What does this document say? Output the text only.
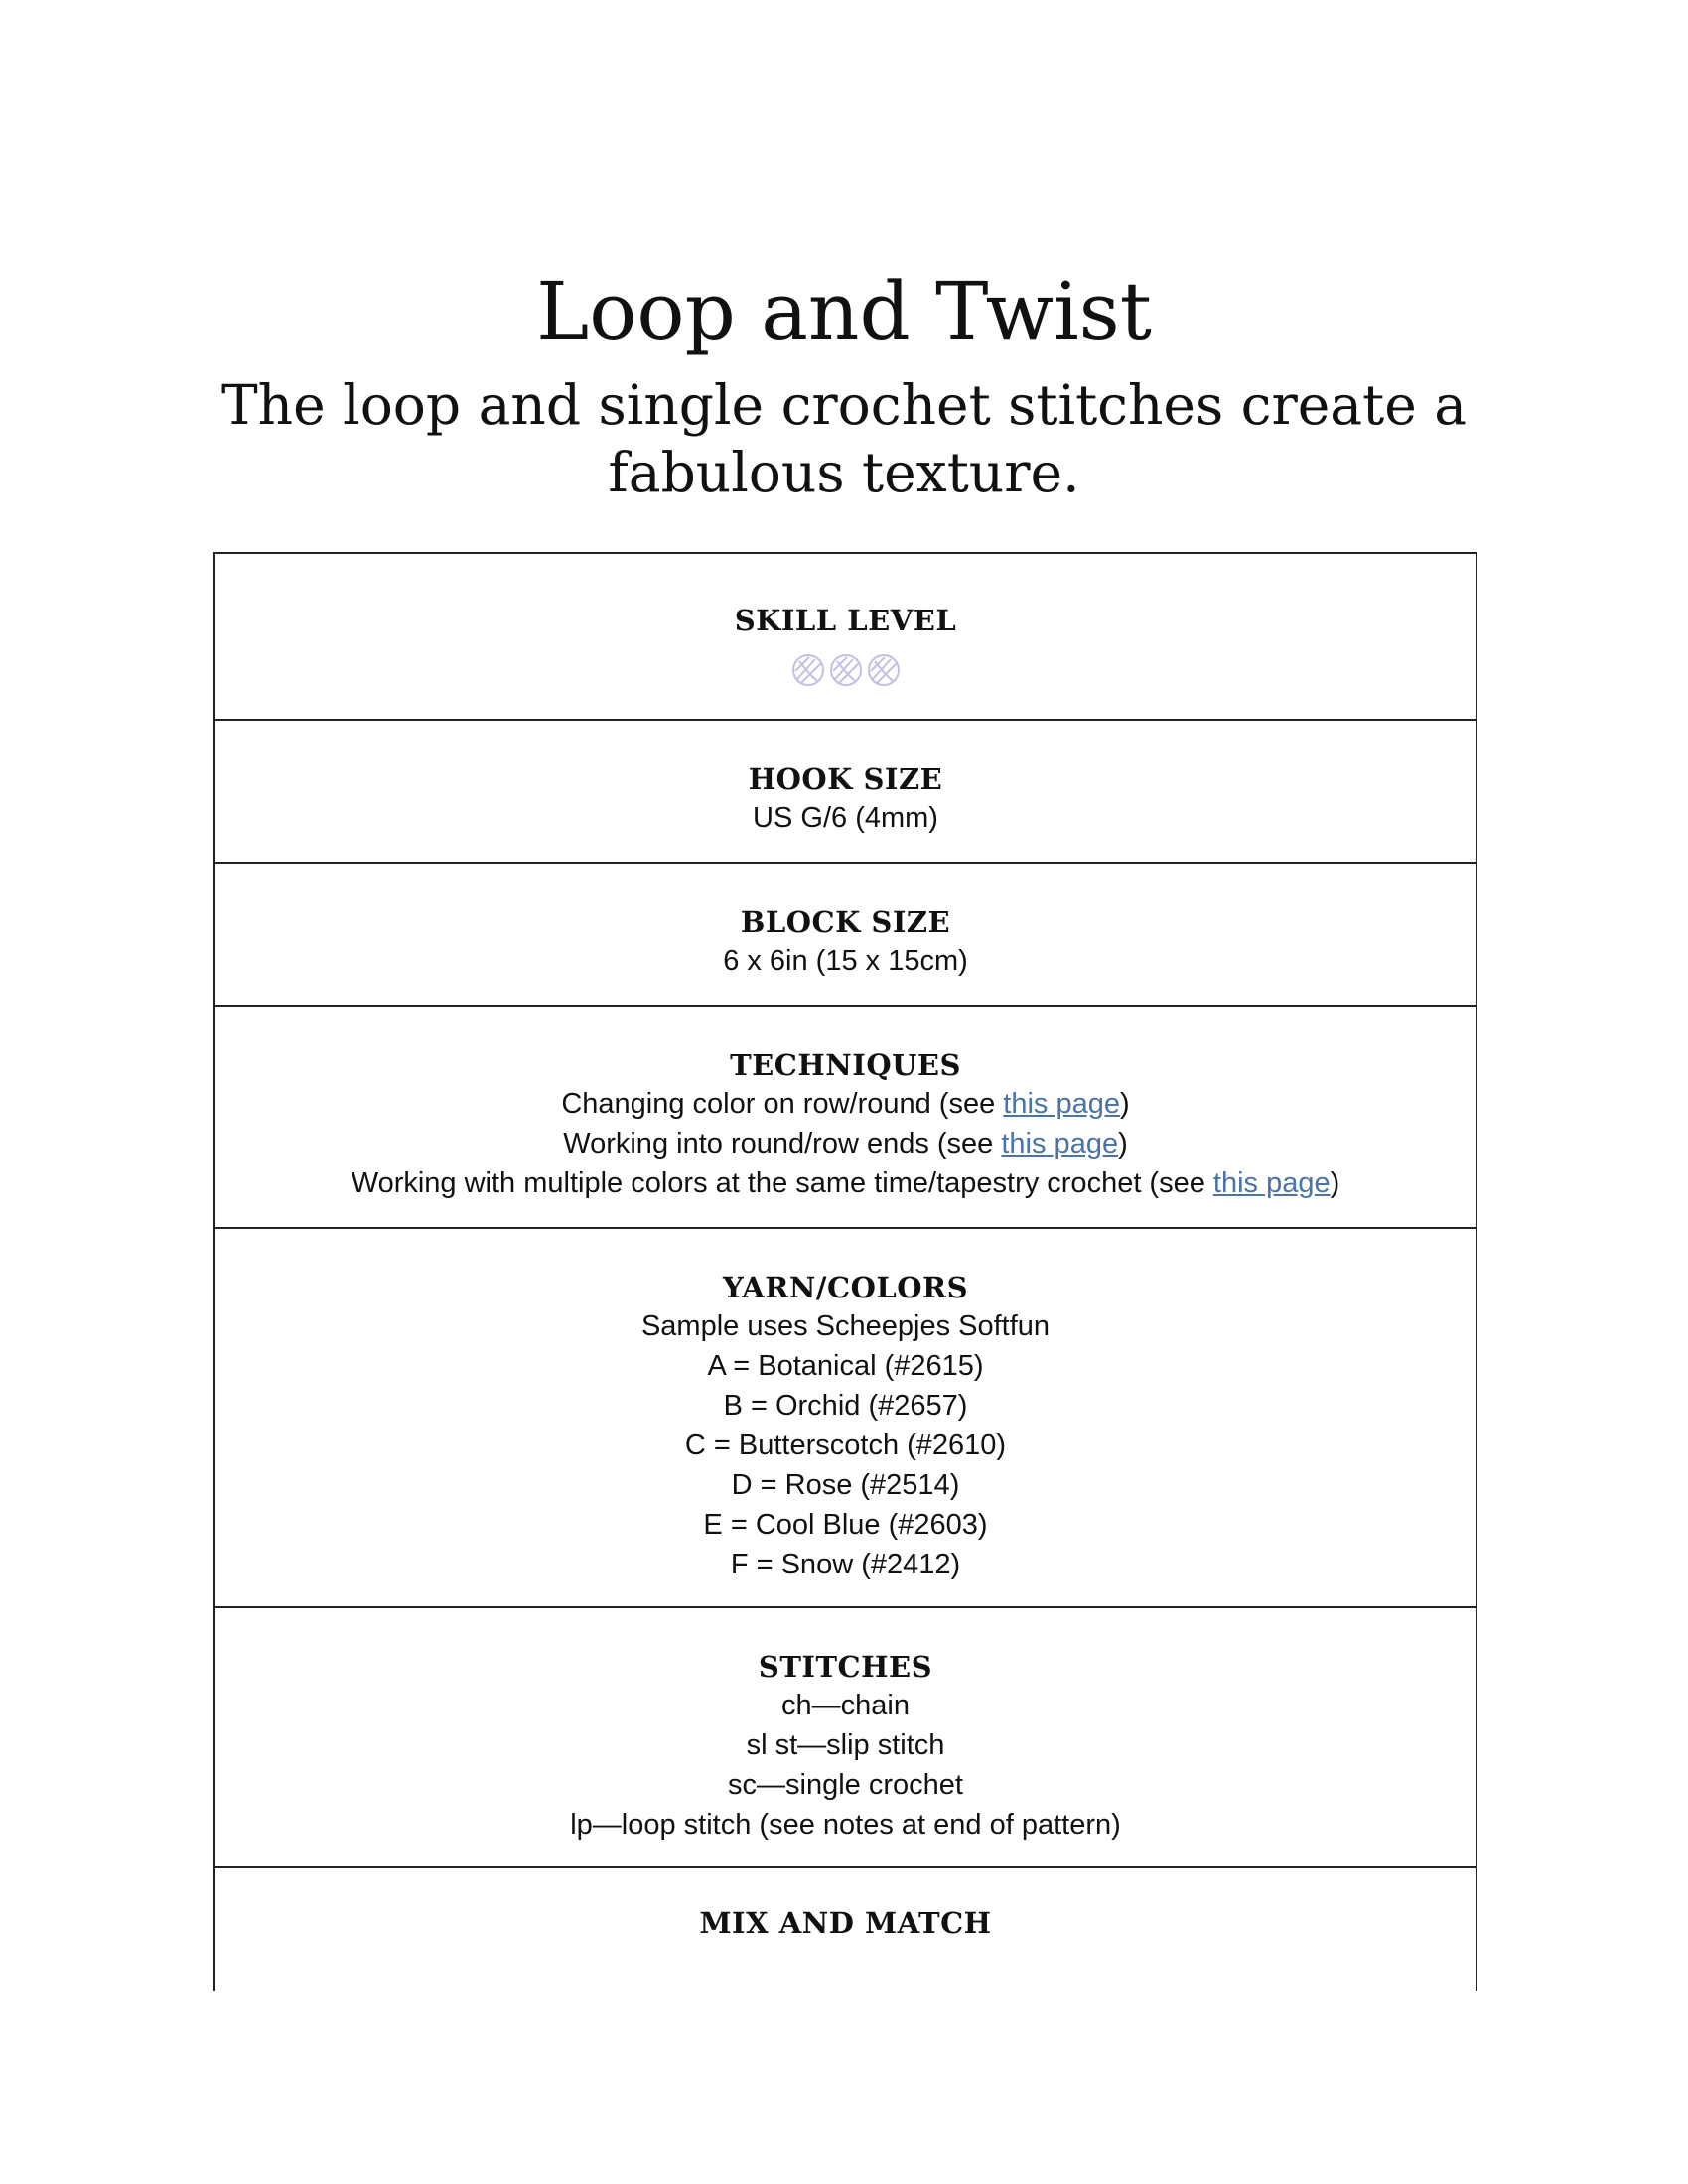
Loop and Twist
The loop and single crochet stitches create a fabulous texture.

SKILL LEVEL

HOOK SIZE

US G/6 (4mm)

BLOCK SIZE

6 x 6in (15 x 15cm)

TECHNIQUES

Changing color on row/round (see this page)

Working into round/row ends (see this page)

Working with multiple colors at the same time/tapestry crochet (see this page)

YARN/COLORS

Sample uses Scheepjes Softfun

A = Botanical (#2615)

B = Orchid (#2657)

C = Butterscotch (#2610)

D = Rose (#2514)

E = Cool Blue (#2603)

F = Snow (#2412)

STITCHES

ch—chain

sl st—slip stitch

sc—single crochet

lp—loop stitch (see notes at end of pattern)

MIX AND MATCH
